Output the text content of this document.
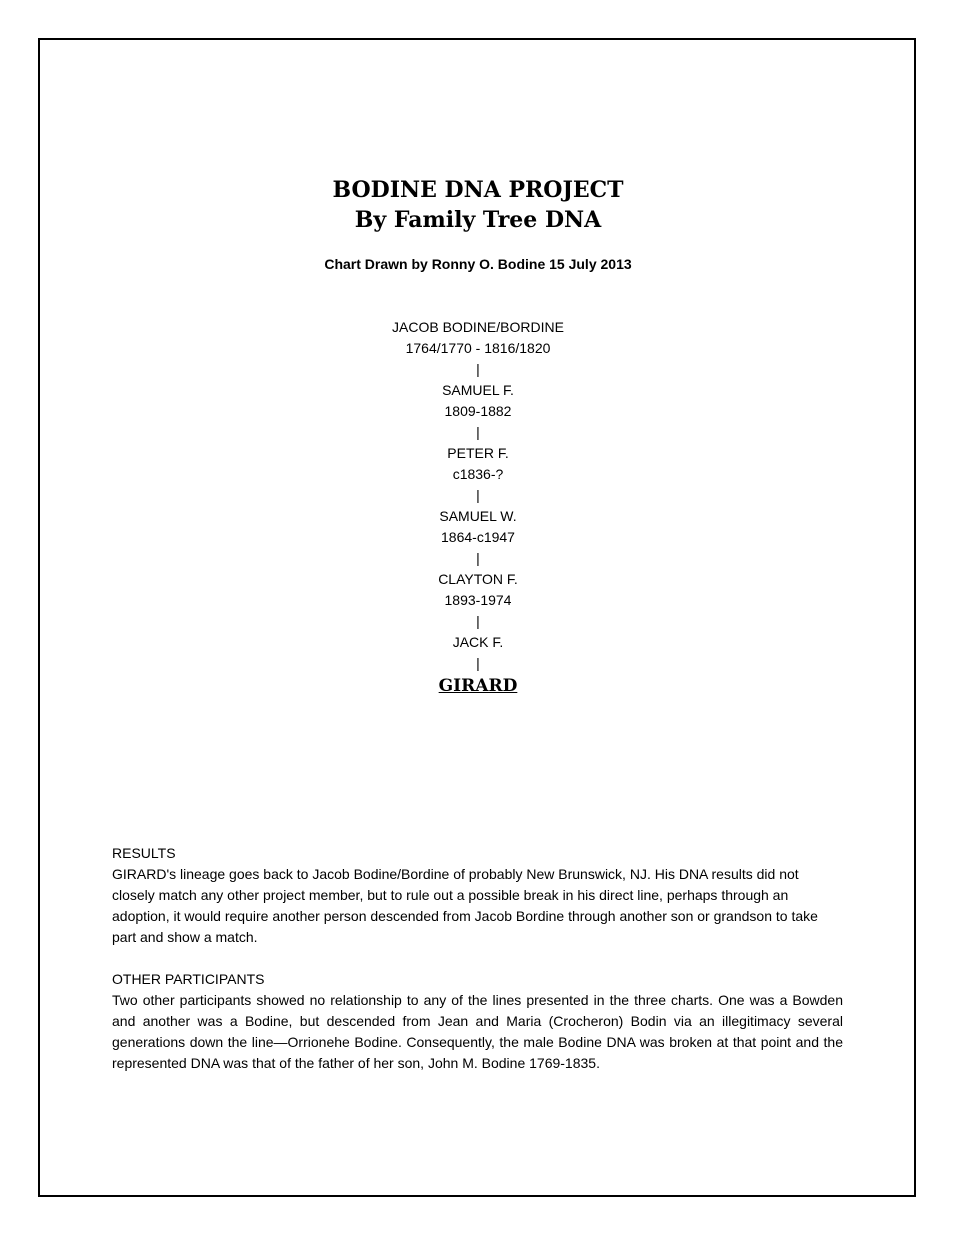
BODINE DNA PROJECT
By Family Tree DNA
Chart Drawn by Ronny O. Bodine 15 July 2013
JACOB BODINE/BORDINE
1764/1770 - 1816/1820
|
SAMUEL F.
1809-1882
|
PETER F.
c1836-?
|
SAMUEL W.
1864-c1947
|
CLAYTON F.
1893-1974
|
JACK F.
|
GIRARD
RESULTS
GIRARD's lineage goes back to Jacob Bodine/Bordine of probably New Brunswick, NJ. His DNA results did not closely match any other project member, but to rule out a possible break in his direct line, perhaps through an adoption, it would require another person descended from Jacob Bordine through another son or grandson to take part and show a match.
OTHER PARTICIPANTS
Two other participants showed no relationship to any of the lines presented in the three charts. One was a Bowden and another was a Bodine, but descended from Jean and Maria (Crocheron) Bodin via an illegitimacy several generations down the line—Orrionehe Bodine. Consequently, the male Bodine DNA was broken at that point and the represented DNA was that of the father of her son, John M. Bodine 1769-1835.
